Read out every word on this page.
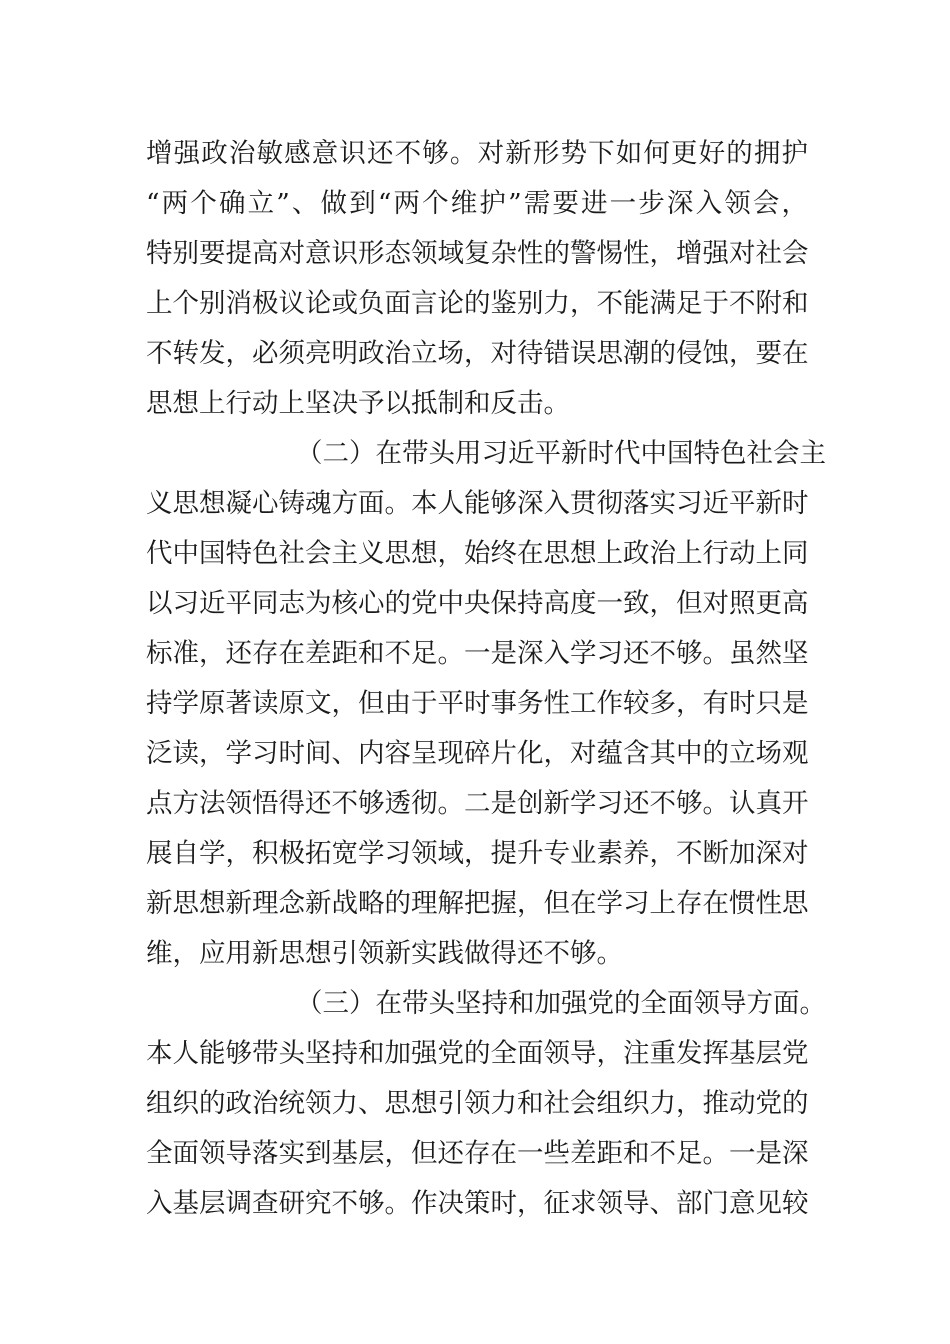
增强政治敏感意识还不够。对新形势下如何更好的拥护
“两个确立”、做到“两个维护”需要进一步深入领会，
特别要提高对意识形态领域复杂性的警惕性，增强对社会
上个别消极议论或负面言论的鉴别力，不能满足于不附和
不转发，必须亮明政治立场，对待错误思潮的侵蚀，要在
思想上行动上坚决予以抵制和反击。
（二）在带头用习近平新时代中国特色社会主
义思想凝心铸魂方面。本人能够深入贯彻落实习近平新时
代中国特色社会主义思想，始终在思想上政治上行动上同
以习近平同志为核心的党中央保持高度一致，但对照更高
标准，还存在差距和不足。一是深入学习还不够。虽然坚
持学原著读原文，但由于平时事务性工作较多，有时只是
泛读，学习时间、内容呈现碎片化，对蕴含其中的立场观
点方法领悟得还不够透彻。二是创新学习还不够。认真开
展自学，积极拓宽学习领域，提升专业素养，不断加深对
新思想新理念新战略的理解把握，但在学习上存在惯性思
维，应用新思想引领新实践做得还不够。
（三）在带头坚持和加强党的全面领导方面。
本人能够带头坚持和加强党的全面领导，注重发挥基层党
组织的政治统领力、思想引领力和社会组织力，推动党的
全面领导落实到基层，但还存在一些差距和不足。一是深
入基层调查研究不够。作决策时，征求领导、部门意见较
